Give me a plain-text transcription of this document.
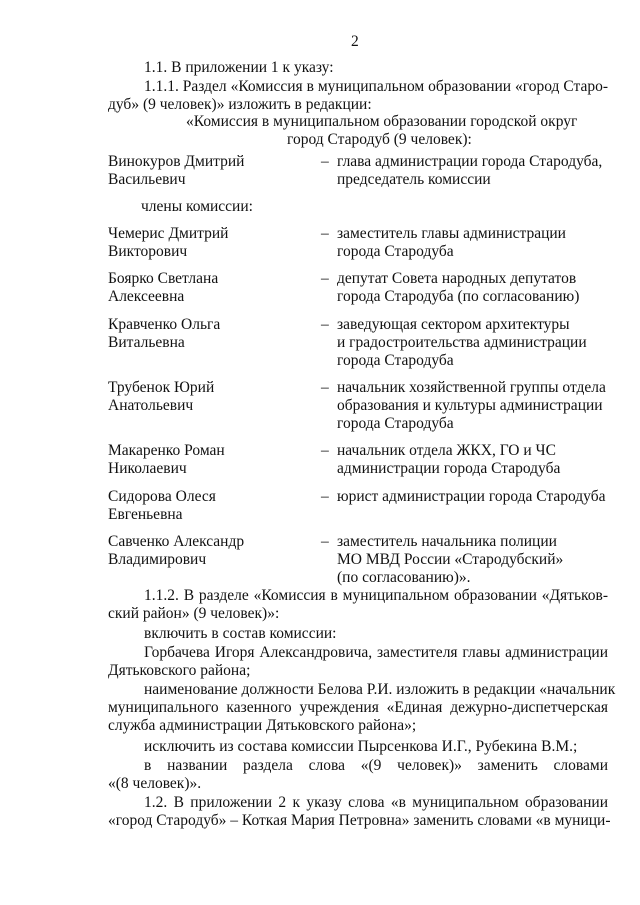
2
1.1. В приложении 1 к указу:
1.1.1. Раздел «Комиссия в муниципальном образовании «город Старо-
дуб» (9 человек)» изложить в редакции:
«Комиссия в муниципальном образовании городской округ
город Стародуб (9 человек):
Винокуров Дмитрий
Васильевич
– глава администрации города Стародуба,
председатель комиссии
члены комиссии:
Чемерис Дмитрий
Викторович
– заместитель главы администрации
города Стародуба
Боярко Светлана
Алексеевна
– депутат Совета народных депутатов
города Стародуба (по согласованию)
Кравченко Ольга
Витальевна
– заведующая сектором архитектуры
и градостроительства администрации
города Стародуба
Трубенок Юрий
Анатольевич
– начальник хозяйственной группы отдела
образования и культуры администрации
города Стародуба
Макаренко Роман
Николаевич
– начальник отдела ЖКХ, ГО и ЧС
администрации города Стародуба
Сидорова Олеся
Евгеньевна
– юрист администрации города Стародуба
Савченко Александр
Владимирович
– заместитель начальника полиции
МО МВД России «Стародубский»
(по согласованию)».
1.1.2. В разделе «Комиссия в муниципальном образовании «Дятьков-
ский район» (9 человек)»:
включить в состав комиссии:
Горбачева Игоря Александровича, заместителя главы администрации
Дятьковского района;
наименование должности Белова Р.И. изложить в редакции «начальник
муниципального казенного учреждения «Единая дежурно-диспетчерская
служба администрации Дятьковского района»;
исключить из состава комиссии Пырсенкова И.Г., Рубекина В.М.;
в названии раздела слова «(9 человек)» заменить словами
«(8 человек)».
1.2. В приложении 2 к указу слова «в муниципальном образовании
«город Стародуб» – Коткая Мария Петровна» заменить словами «в муници-
